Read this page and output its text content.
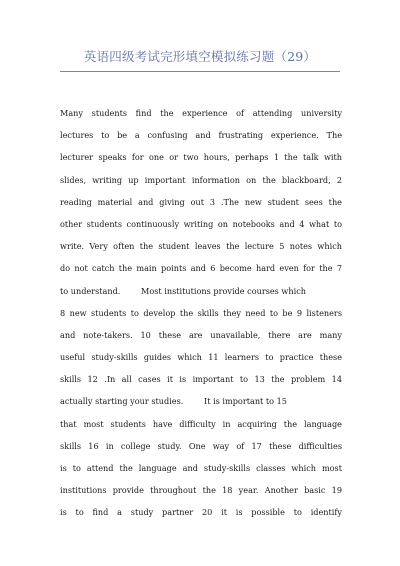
英语四级考试完形填空模拟练习题（29）
Many students find the experience of attending university
lectures to be a confusing and frustrating experience. The
lecturer speaks for one or two hours, perhaps 1 the talk with
slides, writing up important information on the blackboard, 2
reading material and giving out 3 .The new student sees the
other students continuously writing on notebooks and 4 what to
write. Very often the student leaves the lecture 5 notes which
do not catch the main points and 6 become hard even for the 7
to understand.        Most institutions provide courses which
8 new students to develop the skills they need to be 9 listeners
and note-takers. 10 these are unavailable, there are many
useful study-skills guides which 11 learners to practice these
skills 12 .In all cases it is important to 13 the problem 14
actually starting your studies.        It is important to 15
that most students have difficulty in acquiring the language
skills 16 in college study. One way of 17 these difficulties
is to attend the language and study-skills classes which most
institutions provide throughout the 18 year. Another basic 19
is to find a study partner 20 it is possible to identify
